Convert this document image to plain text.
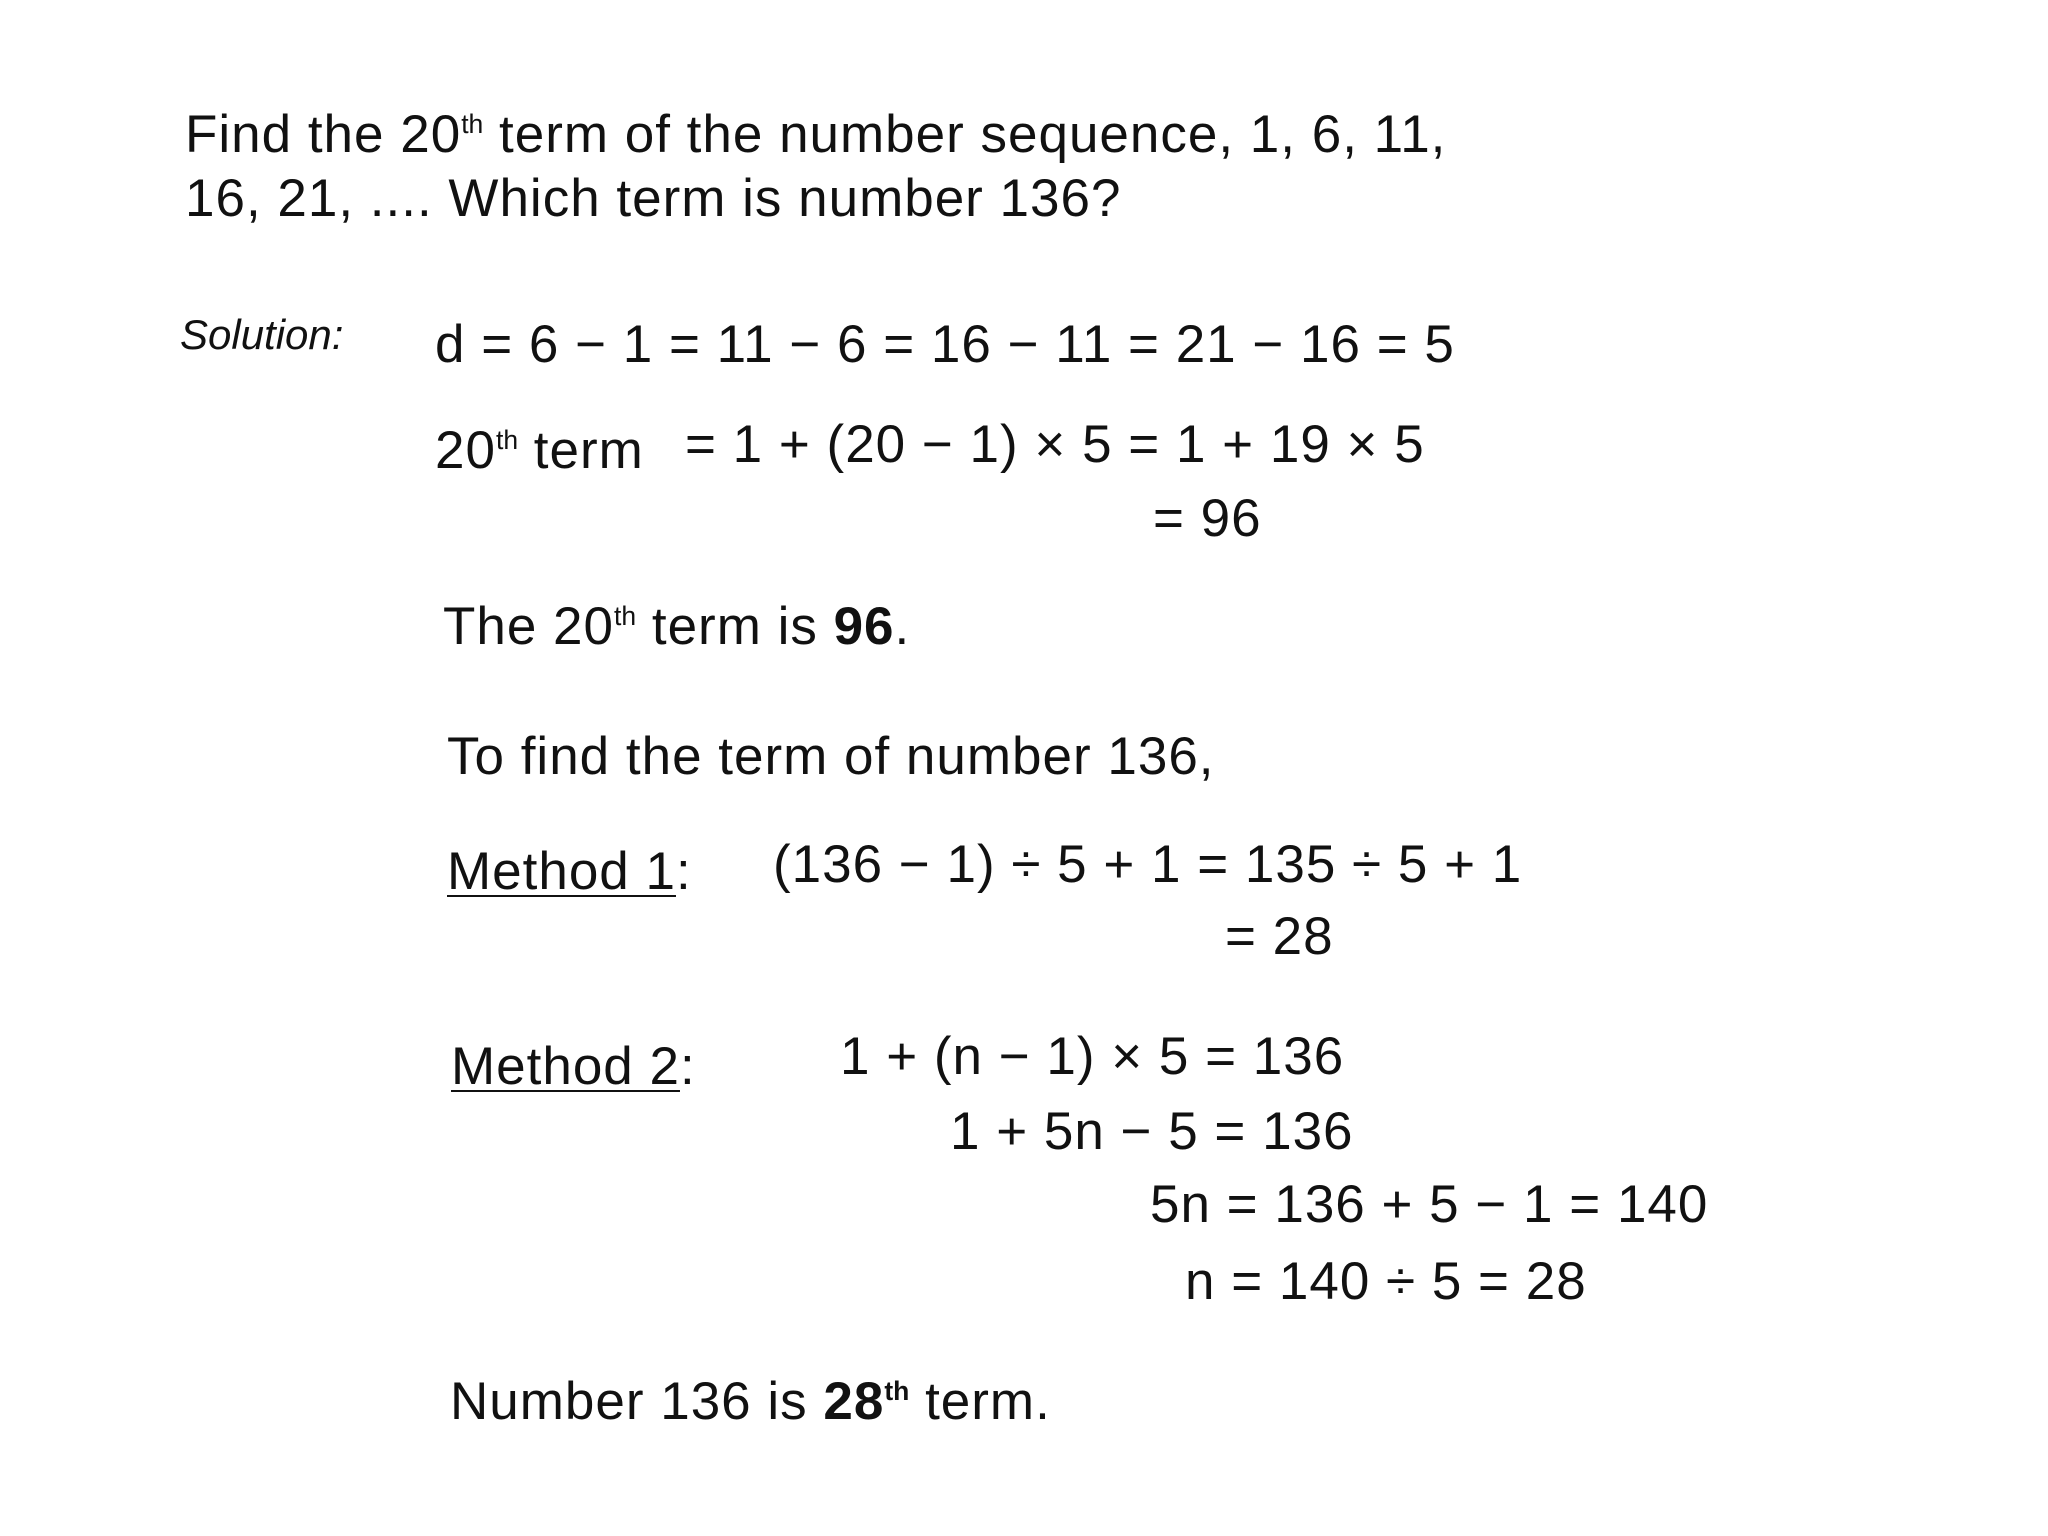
Find the 20th term of the number sequence, 1, 6, 11,
16, 21, .... Which term is number 136?
Solution: d = 6 − 1 = 11 − 6 = 16 − 11 = 21 − 16 = 5
20th term = 1 + (20 − 1) × 5 = 1 + 19 × 5
= 96
The 20th term is 96.
To find the term of number 136,
Method 1: (136 − 1) ÷ 5 + 1 = 135 ÷ 5 + 1
= 28
Method 2:	1 + (n − 1) × 5 = 136
1 + 5n − 5 = 136
5n = 136 + 5 − 1 = 140
n = 140 ÷ 5 = 28
Number 136 is 28th term.
